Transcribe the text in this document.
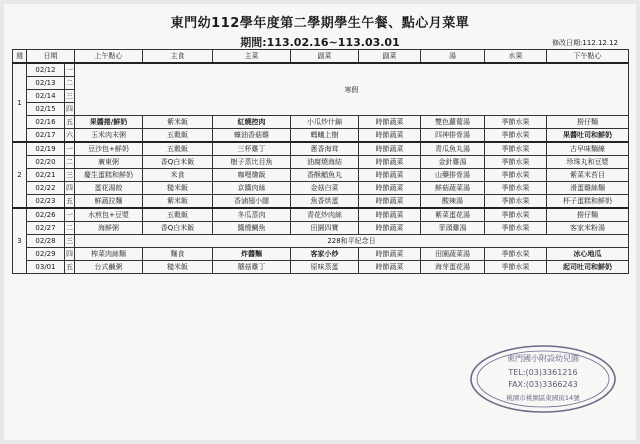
東門幼112學年度第二學期學生午餐、點心月菜單
期間:113.02.16~113.03.01	修改日期:112.12.12
週	日期		上午點心	主食	主菜	副菜	副菜	湯	水果	下午點心
1	02/12	一	寒假							
	02/13	二								
	02/14	三								
	02/15	四								
	02/16	五	果醬捲/鮮奶	紫米飯	紅燒控肉	小瓜炒什錦	時節蔬菜	雙色蘿蔔湯	季節水果	撈仔麵
	02/17	六	玉米肉末粥	五穀飯	蠔油香菇雞	螞蟻上樹	時節蔬菜	四神排骨湯	季節水果	果醬吐司和鮮奶
2	02/19	一	豆沙包+鮮奶	五穀飯	三杯雞丁	蔥香海茸	時節蔬菜	青瓜魚丸湯	季節水果	古早味麵線
	02/20	二	廣東粥	香Q白米飯	樹子蒸比目魚	油腐燒海結	時節蔬菜	金針雞湯	季節水果	珍珠丸和豆漿
	02/21	三	慶生蛋糕和鮮奶	米食	咖哩燴飯	香酥鯧魚丸	時節蔬菜	山藥排骨湯	季節水果	紫菜米苔目
	02/22	四	蛋花湯餃	糙米飯	京醬肉絲	金菇白菜	時節蔬菜	鮮菇蔬菜湯	季節水果	滑蛋雞絲麵
	02/23	五	鮮蔬拉麵	紫米飯	香滷翅小腿	魚香烘蛋	時節蔬菜	酸辣湯	季節水果	杯子蛋糕和鮮奶
3	02/26	一	水煎包+豆漿	五穀飯	冬瓜蒸肉	青花炒肉絲	時節蔬菜	紫菜蛋花湯	季節水果	撈仔麵
	02/27	二	海鮮粥	香Q白米飯	醬燒鯛魚	田園四寶	時節蔬菜	菲頭雞湯	季節水果	客家米粉湯
	02/28	三	228和平紀念日							
	02/29	四	榨菜肉絲麵	麵食	炸醬麵	客家小炒	時節蔬菜	田園蔬菜湯	季節水果	冰心地瓜
	03/01	五	台式鹹粥	糙米飯	蘑菇雞丁	原味蒸蛋	時節蔬菜	海芽蛋花湯	季節水果	起司吐司和鮮奶
東門國小附設幼兒園
TEL:(03)3361216
FAX:(03)3366243
桃園市桃園區東國街14號
